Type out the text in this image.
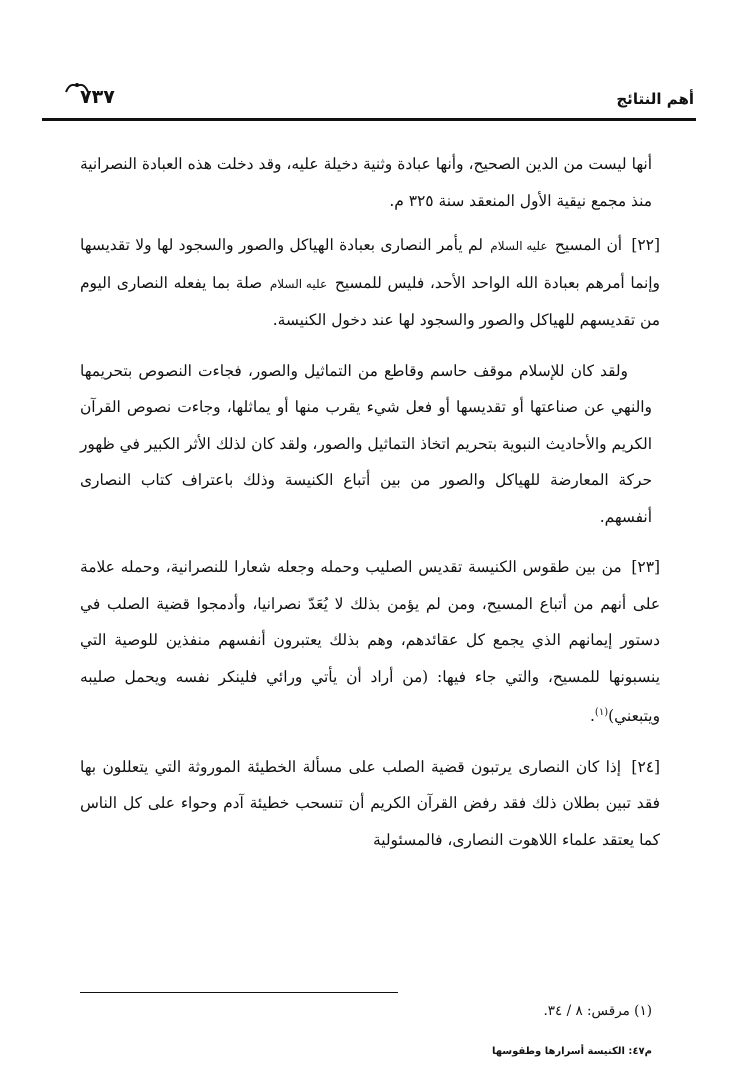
أهم النتائج
٧٣٧

أنها ليست من الدين الصحيح، وأنها عبادة وثنية دخيلة عليه، وقد دخلت هذه العبادة النصرانية منذ مجمع نيقية الأول المنعقد سنة ٣٢٥ م.

[٢٢] أن المسيح عليه السلام لم يأمر النصارى بعبادة الهياكل والصور والسجود لها ولا تقديسها وإنما أمرهم بعبادة الله الواحد الأحد، فليس للمسيح عليه السلام صلة بما يفعله النصارى اليوم من تقديسهم للهياكل والصور والسجود لها عند دخول الكنيسة.

ولقد كان للإسلام موقف حاسم وقاطع من التماثيل والصور، فجاءت النصوص بتحريمها والنهي عن صناعتها أو تقديسها أو فعل شيء يقرب منها أو يماثلها، وجاءت نصوص القرآن الكريم والأحاديث النبوية بتحريم اتخاذ التماثيل والصور، ولقد كان لذلك الأثر الكبير في ظهور حركة المعارضة للهياكل والصور من بين أتباع الكنيسة وذلك باعتراف كتاب النصارى أنفسهم.

[٢٣] من بين طقوس الكنيسة تقديس الصليب وحمله وجعله شعارا للنصرانية، وحمله علامة على أنهم من أتباع المسيح، ومن لم يؤمن بذلك لا يُعَدّ نصرانيا، وأدمجوا قضية الصلب في دستور إيمانهم الذي يجمع كل عقائدهم، وهم بذلك يعتبرون أنفسهم منفذين للوصية التي ينسبونها للمسيح، والتي جاء فيها: (من أراد أن يأتي ورائي فلينكر نفسه ويحمل صليبه ويتبعني)$^{(١)}$.

[٢٤] إذا كان النصارى يرتبون قضية الصلب على مسألة الخطيئة الموروثة التي يتعللون بها فقد تبين بطلان ذلك فقد رفض القرآن الكريم أن تنسحب خطيئة آدم وحواء على كل الناس كما يعتقد علماء اللاهوت النصارى، فالمسئولية

(١) مرقس: ٨ / ٣٤.
م٤٧: الكنيسة أسرارها وطقوسها
